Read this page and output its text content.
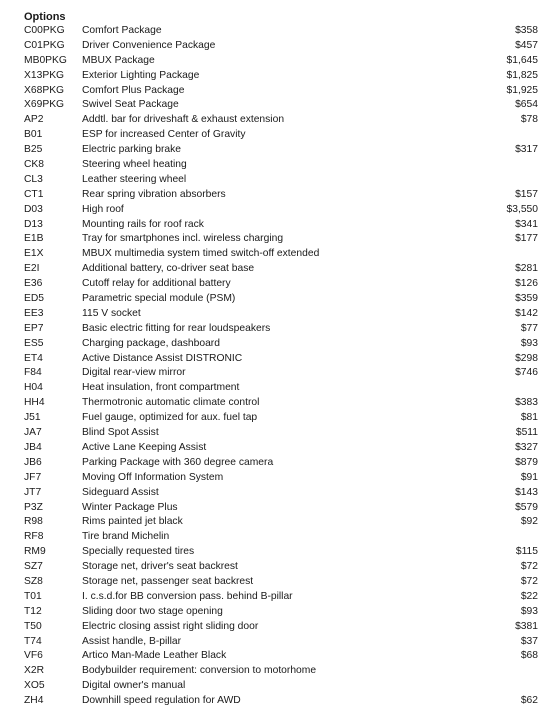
Options
C00PKG	Comfort Package	$358
C01PKG	Driver Convenience Package	$457
MB0PKG	MBUX Package	$1,645
X13PKG	Exterior Lighting Package	$1,825
X68PKG	Comfort Plus Package	$1,925
X69PKG	Swivel Seat Package	$654
AP2	Addtl. bar for driveshaft & exhaust extension	$78
B01	ESP for increased Center of Gravity
B25	Electric parking brake	$317
CK8	Steering wheel heating
CL3	Leather steering wheel
CT1	Rear spring vibration absorbers	$157
D03	High roof	$3,550
D13	Mounting rails for roof rack	$341
E1B	Tray for smartphones incl. wireless charging	$177
E1X	MBUX multimedia system timed switch-off extended
E2I	Additional battery, co-driver seat base	$281
E36	Cutoff relay for additional battery	$126
ED5	Parametric special module (PSM)	$359
EE3	115 V socket	$142
EP7	Basic electric fitting for rear loudspeakers	$77
ES5	Charging package, dashboard	$93
ET4	Active Distance Assist DISTRONIC	$298
F84	Digital rear-view mirror	$746
H04	Heat insulation, front compartment
HH4	Thermotronic automatic climate control	$383
J51	Fuel gauge, optimized for aux. fuel tap	$81
JA7	Blind Spot Assist	$511
JB4	Active Lane Keeping Assist	$327
JB6	Parking Package with 360 degree camera	$879
JF7	Moving Off Information System	$91
JT7	Sideguard Assist	$143
P3Z	Winter Package Plus	$579
R98	Rims painted jet black	$92
RF8	Tire brand Michelin
RM9	Specially requested tires	$115
SZ7	Storage net, driver's seat backrest	$72
SZ8	Storage net, passenger seat backrest	$72
T01	I. c.s.d.for BB conversion pass. behind B-pillar	$22
T12	Sliding door two stage opening	$93
T50	Electric closing assist right sliding door	$381
T74	Assist handle, B-pillar	$37
VF6	Artico Man-Made Leather Black	$68
X2R	Bodybuilder requirement: conversion to motorhome
XO5	Digital owner's manual
ZH4	Downhill speed regulation for AWD	$62
